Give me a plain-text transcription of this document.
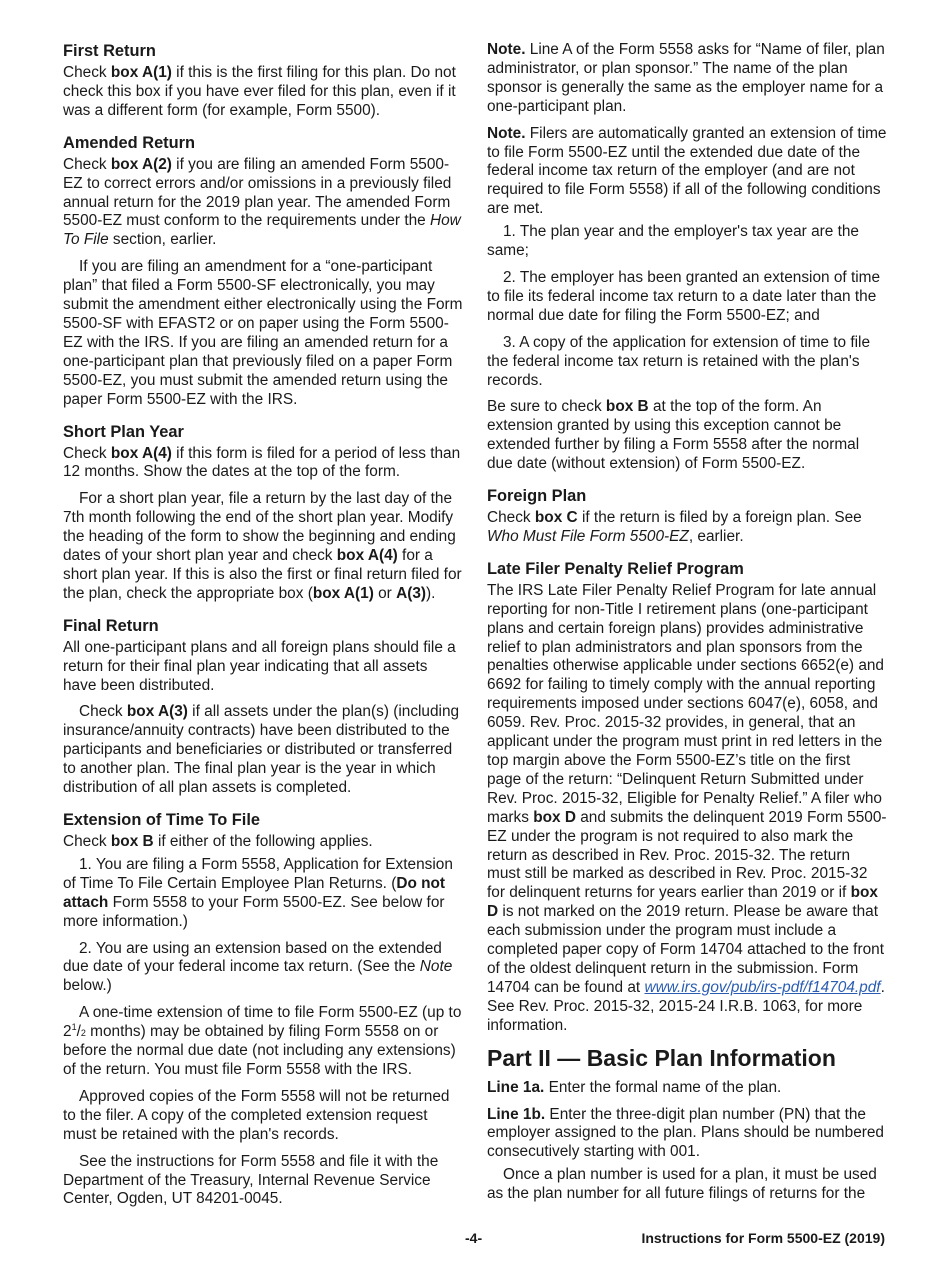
First Return

Check box A(1) if this is the first filing for this plan. Do not check this box if you have ever filed for this plan, even if it was a different form (for example, Form 5500).

Amended Return

Check box A(2) if you are filing an amended Form 5500-EZ to correct errors and/or omissions in a previously filed annual return for the 2019 plan year. The amended Form 5500-EZ must conform to the requirements under the How To File section, earlier.

If you are filing an amendment for a “one-participant plan” that filed a Form 5500-SF electronically, you may submit the amendment either electronically using the Form 5500-SF with EFAST2 or on paper using the Form 5500-EZ with the IRS. If you are filing an amended return for a one-participant plan that previously filed on a paper Form 5500-EZ, you must submit the amended return using the paper Form 5500-EZ with the IRS.

Short Plan Year

Check box A(4) if this form is filed for a period of less than 12 months. Show the dates at the top of the form.

For a short plan year, file a return by the last day of the 7th month following the end of the short plan year. Modify the heading of the form to show the beginning and ending dates of your short plan year and check box A(4) for a short plan year. If this is also the first or final return filed for the plan, check the appropriate box (box A(1) or A(3)).

Final Return

All one-participant plans and all foreign plans should file a return for their final plan year indicating that all assets have been distributed.

Check box A(3) if all assets under the plan(s) (including insurance/annuity contracts) have been distributed to the participants and beneficiaries or distributed or transferred to another plan. The final plan year is the year in which distribution of all plan assets is completed.

Extension of Time To File

Check box B if either of the following applies.

1. You are filing a Form 5558, Application for Extension of Time To File Certain Employee Plan Returns. (Do not attach Form 5558 to your Form 5500-EZ. See below for more information.)

2. You are using an extension based on the extended due date of your federal income tax return. (See the Note below.)

A one-time extension of time to file Form 5500-EZ (up to $2^1/2$ months) may be obtained by filing Form 5558 on or before the normal due date (not including any extensions) of the return. You must file Form 5558 with the IRS.

Approved copies of the Form 5558 will not be returned to the filer. A copy of the completed extension request must be retained with the plan's records.

See the instructions for Form 5558 and file it with the Department of the Treasury, Internal Revenue Service Center, Ogden, UT 84201-0045.

Note. Line A of the Form 5558 asks for “Name of filer, plan administrator, or plan sponsor.” The name of the plan sponsor is generally the same as the employer name for a one-participant plan.

Note. Filers are automatically granted an extension of time to file Form 5500-EZ until the extended due date of the federal income tax return of the employer (and are not required to file Form 5558) if all of the following conditions are met.

1. The plan year and the employer's tax year are the same;

2. The employer has been granted an extension of time to file its federal income tax return to a date later than the normal due date for filing the Form 5500-EZ; and

3. A copy of the application for extension of time to file the federal income tax return is retained with the plan's records.

Be sure to check box B at the top of the form. An extension granted by using this exception cannot be extended further by filing a Form 5558 after the normal due date (without extension) of Form 5500-EZ.

Foreign Plan

Check box C if the return is filed by a foreign plan. See Who Must File Form 5500-EZ, earlier.

Late Filer Penalty Relief Program

The IRS Late Filer Penalty Relief Program for late annual reporting for non-Title I retirement plans (one-participant plans and certain foreign plans) provides administrative relief to plan administrators and plan sponsors from the penalties otherwise applicable under sections 6652(e) and 6692 for failing to timely comply with the annual reporting requirements imposed under sections 6047(e), 6058, and 6059. Rev. Proc. 2015-32 provides, in general, that an applicant under the program must print in red letters in the top margin above the Form 5500-EZ’s title on the first page of the return: “Delinquent Return Submitted under Rev. Proc. 2015-32, Eligible for Penalty Relief.” A filer who marks box D and submits the delinquent 2019 Form 5500-EZ under the program is not required to also mark the return as described in Rev. Proc. 2015-32. The return must still be marked as described in Rev. Proc. 2015-32 for delinquent returns for years earlier than 2019 or if box D is not marked on the 2019 return. Please be aware that each submission under the program must include a completed paper copy of Form 14704 attached to the front of the oldest delinquent return in the submission. Form 14704 can be found at www.irs.gov/pub/irs-pdf/f14704.pdf. See Rev. Proc. 2015-32, 2015-24 I.R.B. 1063, for more information.

Part II — Basic Plan Information

Line 1a. Enter the formal name of the plan.

Line 1b. Enter the three-digit plan number (PN) that the employer assigned to the plan. Plans should be numbered consecutively starting with 001.

Once a plan number is used for a plan, it must be used as the plan number for all future filings of returns for the

-4-	Instructions for Form 5500-EZ (2019)
